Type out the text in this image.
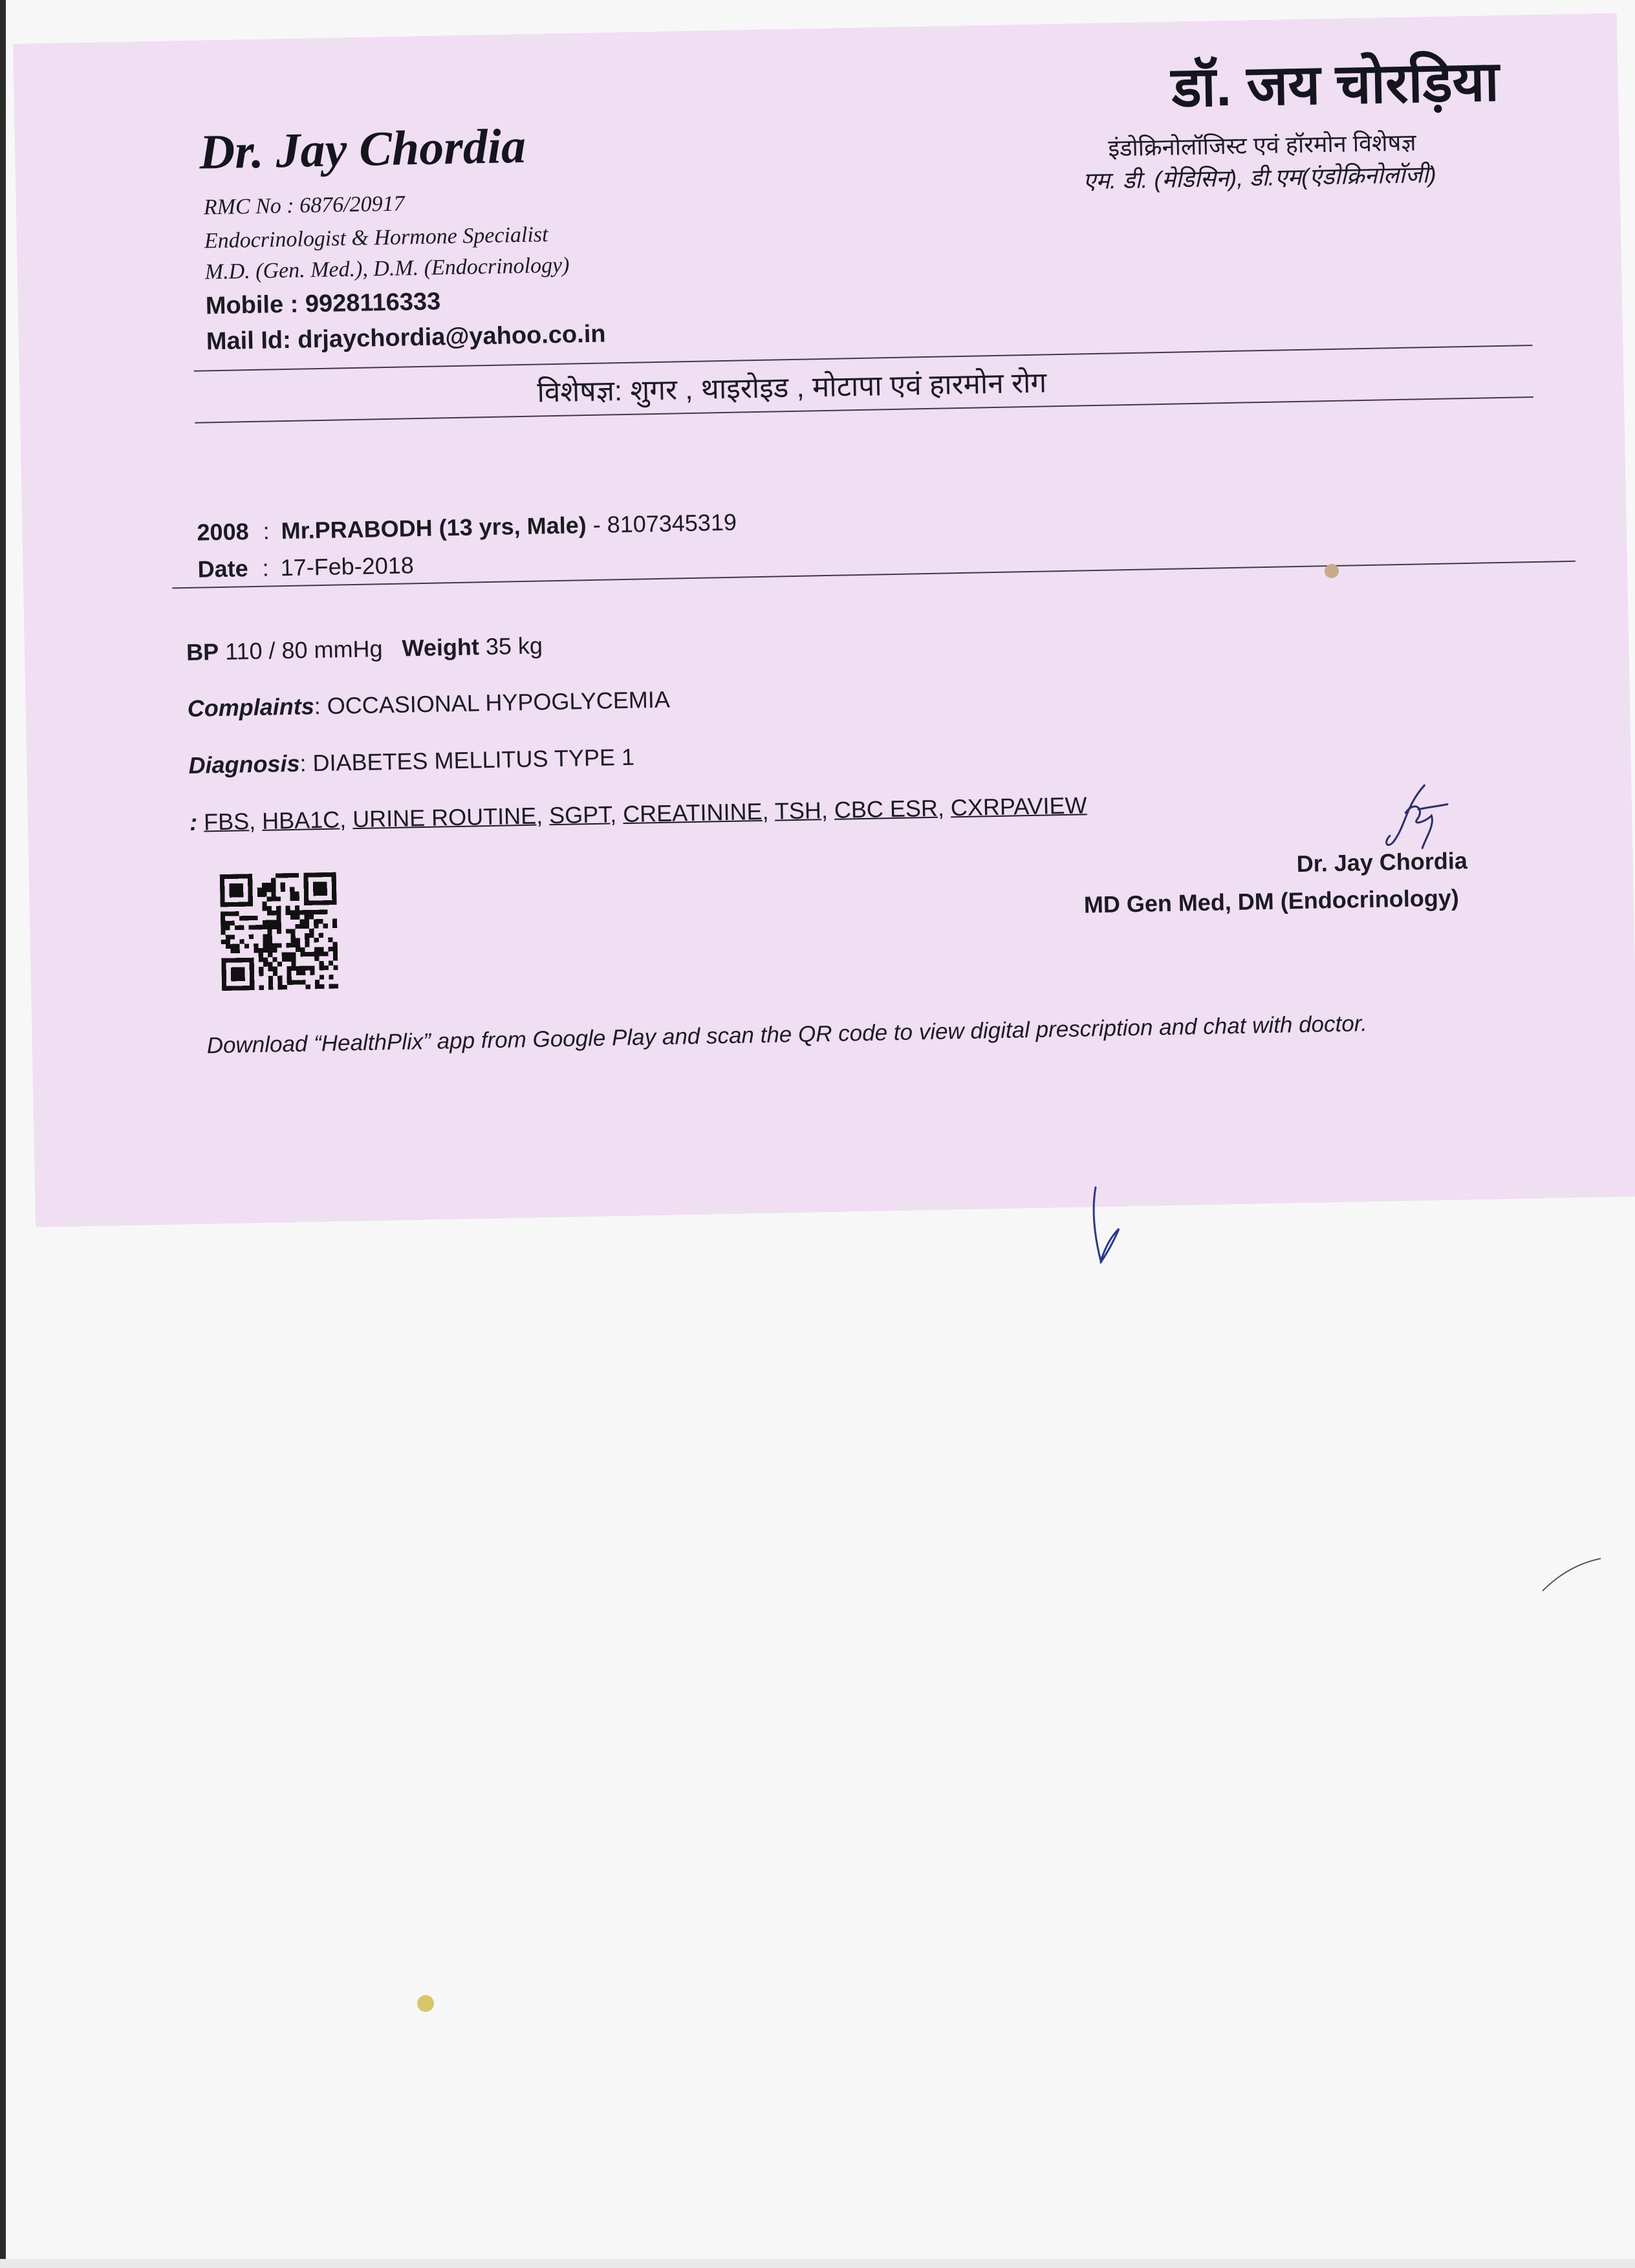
Dr. Jay Chordia
RMC No : 6876/20917
Endocrinologist & Hormone Specialist
M.D. (Gen. Med.), D.M. (Endocrinology)
Mobile : 9928116333
Mail Id: drjaychordia@yahoo.co.in
डॉ. जय चोरड़िया
इंडोक्रिनोलॉजिस्ट एवं हॉरमोन विशेषज्ञ
एम. डी. (मेडिसिन), डी.एम(एंडोक्रिनोलॉजी)
विशेषज्ञ: शुगर , थाइरोइड , मोटापा एवं हारमोन रोग
2008 : Mr.PRABODH (13 yrs, Male) - 8107345319
Date : 17-Feb-2018
BP 110 / 80 mmHg Weight 35 kg
Complaints: OCCASIONAL HYPOGLYCEMIA
Diagnosis: DIABETES MELLITUS TYPE 1
: FBS, HBA1C, URINE ROUTINE, SGPT, CREATININE, TSH, CBC ESR, CXRPAVIEW
Dr. Jay Chordia
MD Gen Med, DM (Endocrinology)
Download “HealthPlix” app from Google Play and scan the QR code to view digital prescription and chat with doctor.
